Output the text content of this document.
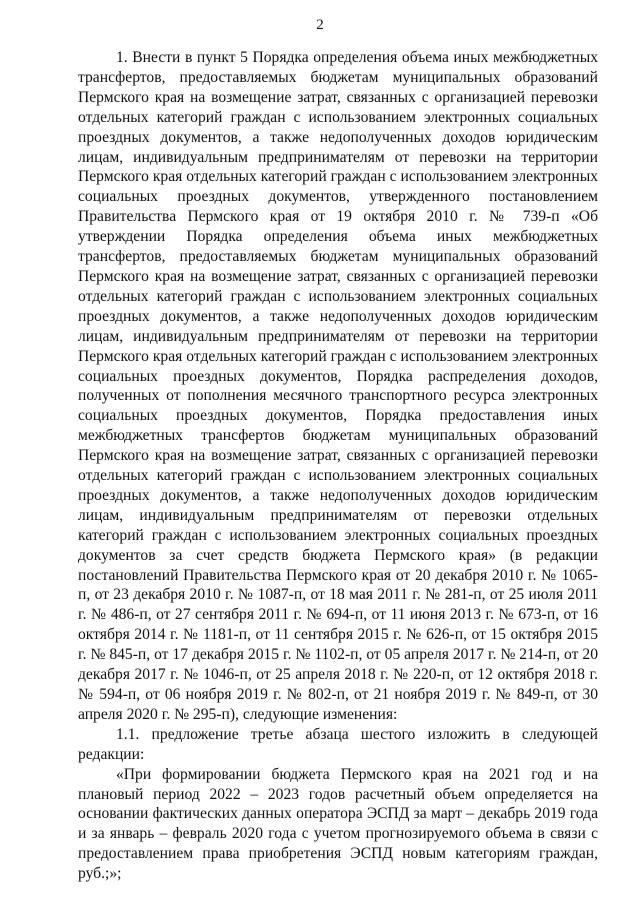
2

1. Внести в пункт 5 Порядка определения объема иных межбюджетных трансфертов, предоставляемых бюджетам муниципальных образований Пермского края на возмещение затрат, связанных с организацией перевозки отдельных категорий граждан с использованием электронных социальных проездных документов, а также недополученных доходов юридическим лицам, индивидуальным предпринимателям от перевозки на территории Пермского края отдельных категорий граждан с использованием электронных социальных проездных документов, утвержденного постановлением Правительства Пермского края от 19 октября 2010 г. № 739-п «Об утверждении Порядка определения объема иных межбюджетных трансфертов, предоставляемых бюджетам муниципальных образований Пермского края на возмещение затрат, связанных с организацией перевозки отдельных категорий граждан с использованием электронных социальных проездных документов, а также недополученных доходов юридическим лицам, индивидуальным предпринимателям от перевозки на территории Пермского края отдельных категорий граждан с использованием электронных социальных проездных документов, Порядка распределения доходов, полученных от пополнения месячного транспортного ресурса электронных социальных проездных документов, Порядка предоставления иных межбюджетных трансфертов бюджетам муниципальных образований Пермского края на возмещение затрат, связанных с организацией перевозки отдельных категорий граждан с использованием электронных социальных проездных документов, а также недополученных доходов юридическим лицам, индивидуальным предпринимателям от перевозки отдельных категорий граждан с использованием электронных социальных проездных документов за счет средств бюджета Пермского края» (в редакции постановлений Правительства Пермского края от 20 декабря 2010 г. № 1065-п, от 23 декабря 2010 г. № 1087-п, от 18 мая 2011 г. № 281-п, от 25 июля 2011 г. № 486-п, от 27 сентября 2011 г. № 694-п, от 11 июня 2013 г. № 673-п, от 16 октября 2014 г. № 1181-п, от 11 сентября 2015 г. № 626-п, от 15 октября 2015 г. № 845-п, от 17 декабря 2015 г. № 1102-п, от 05 апреля 2017 г. № 214-п, от 20 декабря 2017 г. № 1046-п, от 25 апреля 2018 г. № 220-п, от 12 октября 2018 г. № 594-п, от 06 ноября 2019 г. № 802-п, от 21 ноября 2019 г. № 849-п, от 30 апреля 2020 г. № 295-п), следующие изменения:

1.1. предложение третье абзаца шестого изложить в следующей редакции:

«При формировании бюджета Пермского края на 2021 год и на плановый период 2022 – 2023 годов расчетный объем определяется на основании фактических данных оператора ЭСПД за март – декабрь 2019 года и за январь – февраль 2020 года с учетом прогнозируемого объема в связи с предоставлением права приобретения ЭСПД новым категориям граждан, руб.;»;
